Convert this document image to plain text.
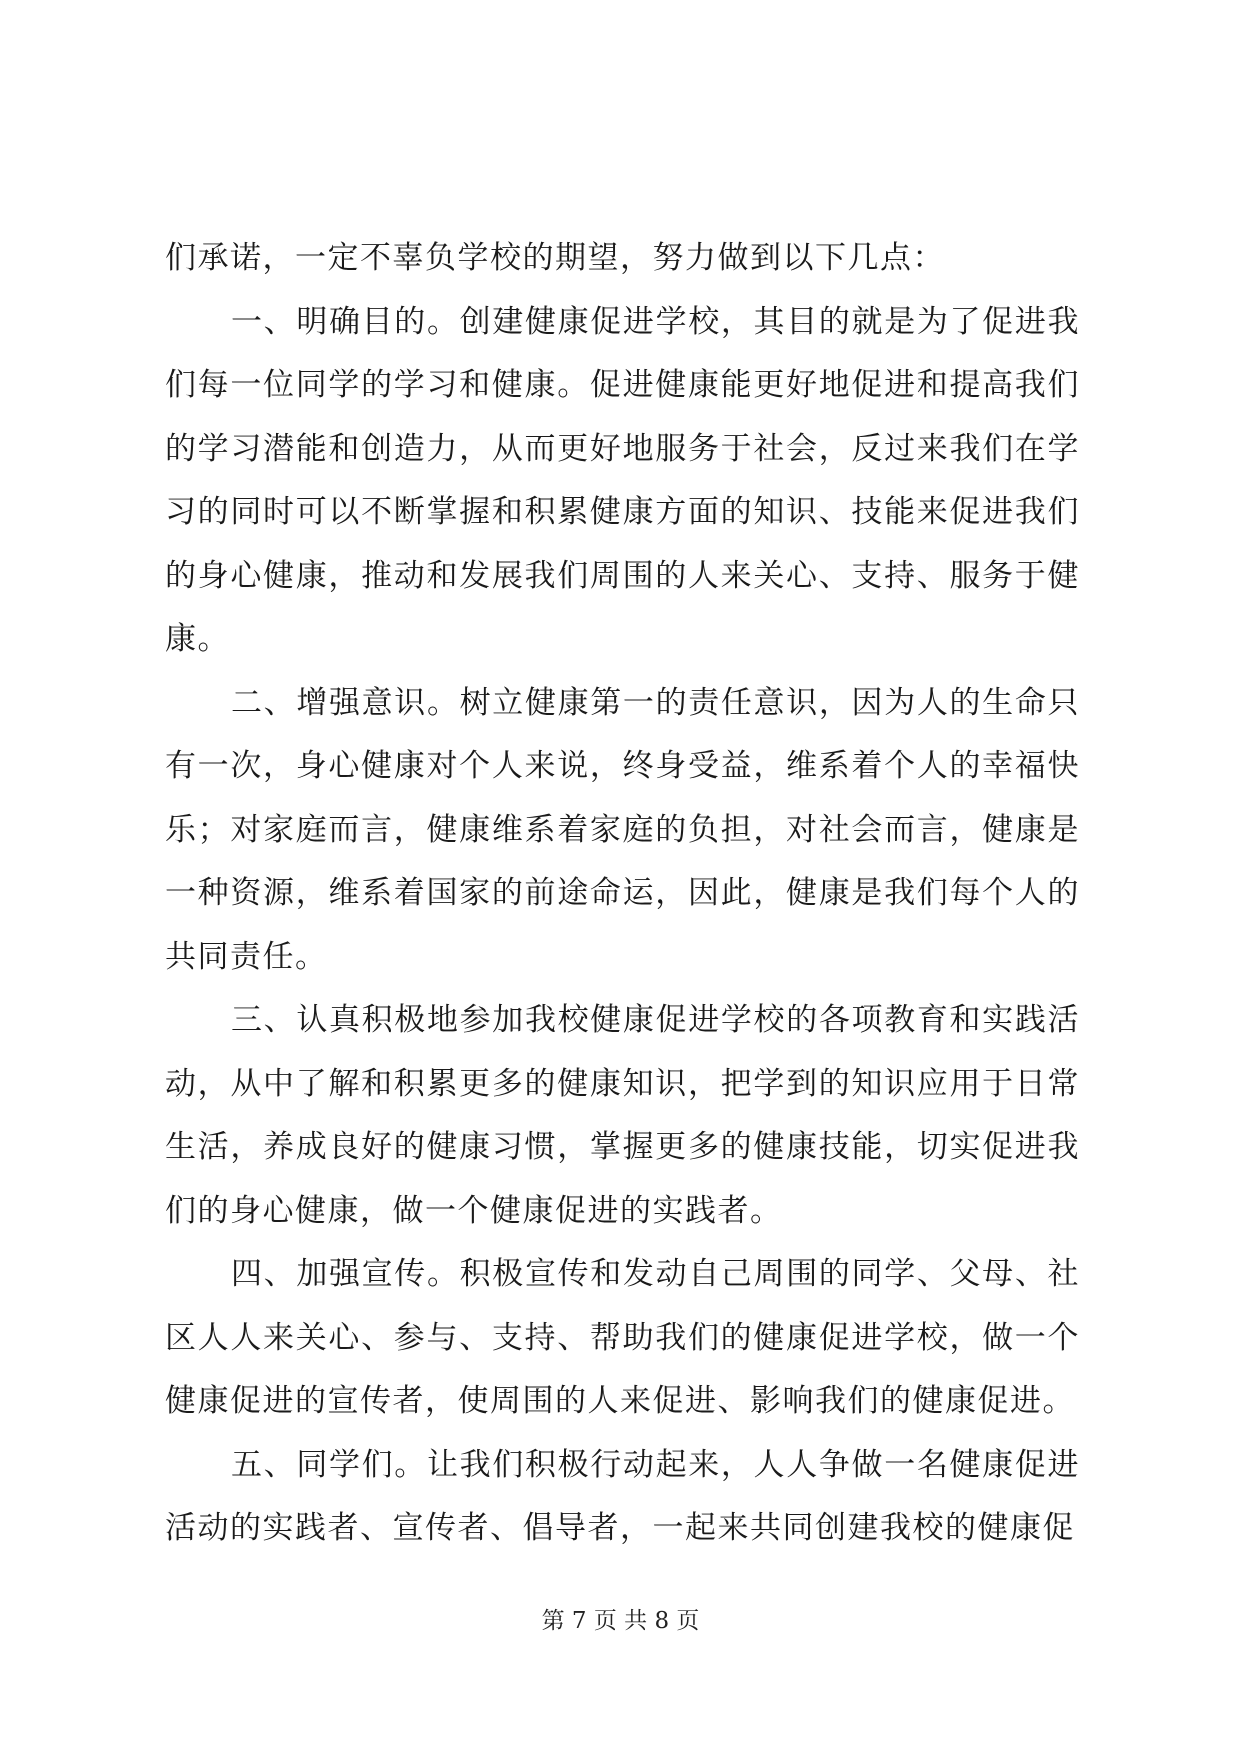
们承诺，一定不辜负学校的期望，努力做到以下几点：

一、明确目的。创建健康促进学校，其目的就是为了促进我们每一位同学的学习和健康。促进健康能更好地促进和提高我们的学习潜能和创造力，从而更好地服务于社会，反过来我们在学习的同时可以不断掌握和积累健康方面的知识、技能来促进我们的身心健康，推动和发展我们周围的人来关心、支持、服务于健康。

二、增强意识。树立健康第一的责任意识，因为人的生命只有一次，身心健康对个人来说，终身受益，维系着个人的幸福快乐；对家庭而言，健康维系着家庭的负担，对社会而言，健康是一种资源，维系着国家的前途命运，因此，健康是我们每个人的共同责任。

三、认真积极地参加我校健康促进学校的各项教育和实践活动，从中了解和积累更多的健康知识，把学到的知识应用于日常生活，养成良好的健康习惯，掌握更多的健康技能，切实促进我们的身心健康，做一个健康促进的实践者。

四、加强宣传。积极宣传和发动自己周围的同学、父母、社区人人来关心、参与、支持、帮助我们的健康促进学校，做一个健康促进的宣传者，使周围的人来促进、影响我们的健康促进。

五、同学们。让我们积极行动起来，人人争做一名健康促进活动的实践者、宣传者、倡导者，一起来共同创建我校的健康促

第 7 页 共 8 页
